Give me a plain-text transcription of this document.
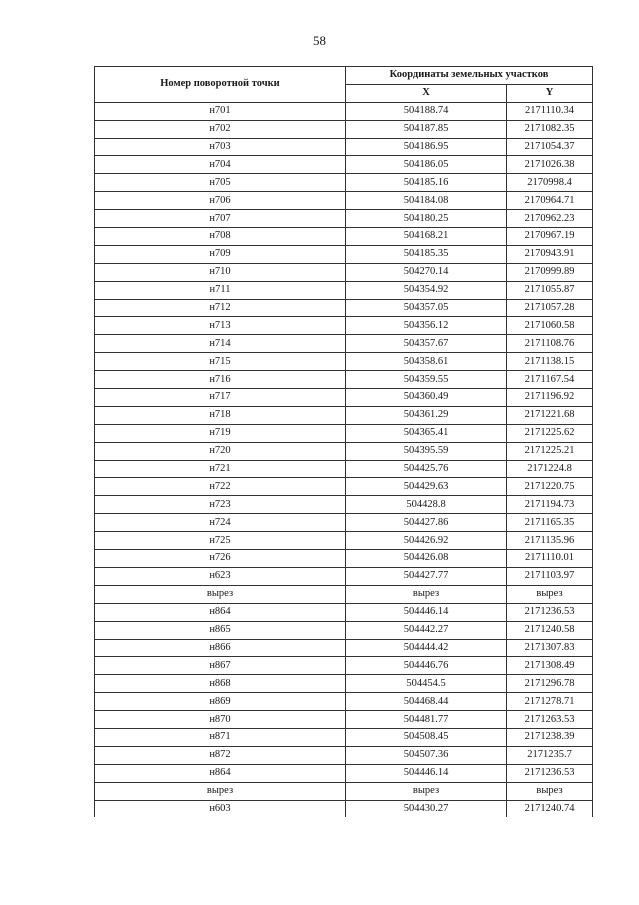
58
Номер поворотной точки	Координаты земельных участков	
	X	Y
н701	504188.74	2171110.34
н702	504187.85	2171082.35
н703	504186.95	2171054.37
н704	504186.05	2171026.38
н705	504185.16	2170998.4
н706	504184.08	2170964.71
н707	504180.25	2170962.23
н708	504168.21	2170967.19
н709	504185.35	2170943.91
н710	504270.14	2170999.89
н711	504354.92	2171055.87
н712	504357.05	2171057.28
н713	504356.12	2171060.58
н714	504357.67	2171108.76
н715	504358.61	2171138.15
н716	504359.55	2171167.54
н717	504360.49	2171196.92
н718	504361.29	2171221.68
н719	504365.41	2171225.62
н720	504395.59	2171225.21
н721	504425.76	2171224.8
н722	504429.63	2171220.75
н723	504428.8	2171194.73
н724	504427.86	2171165.35
н725	504426.92	2171135.96
н726	504426.08	2171110.01
н623	504427.77	2171103.97
вырез	вырез	вырез
н864	504446.14	2171236.53
н865	504442.27	2171240.58
н866	504444.42	2171307.83
н867	504446.76	2171308.49
н868	504454.5	2171296.78
н869	504468.44	2171278.71
н870	504481.77	2171263.53
н871	504508.45	2171238.39
н872	504507.36	2171235.7
н864	504446.14	2171236.53
вырез	вырез	вырез
н603	504430.27	2171240.74
